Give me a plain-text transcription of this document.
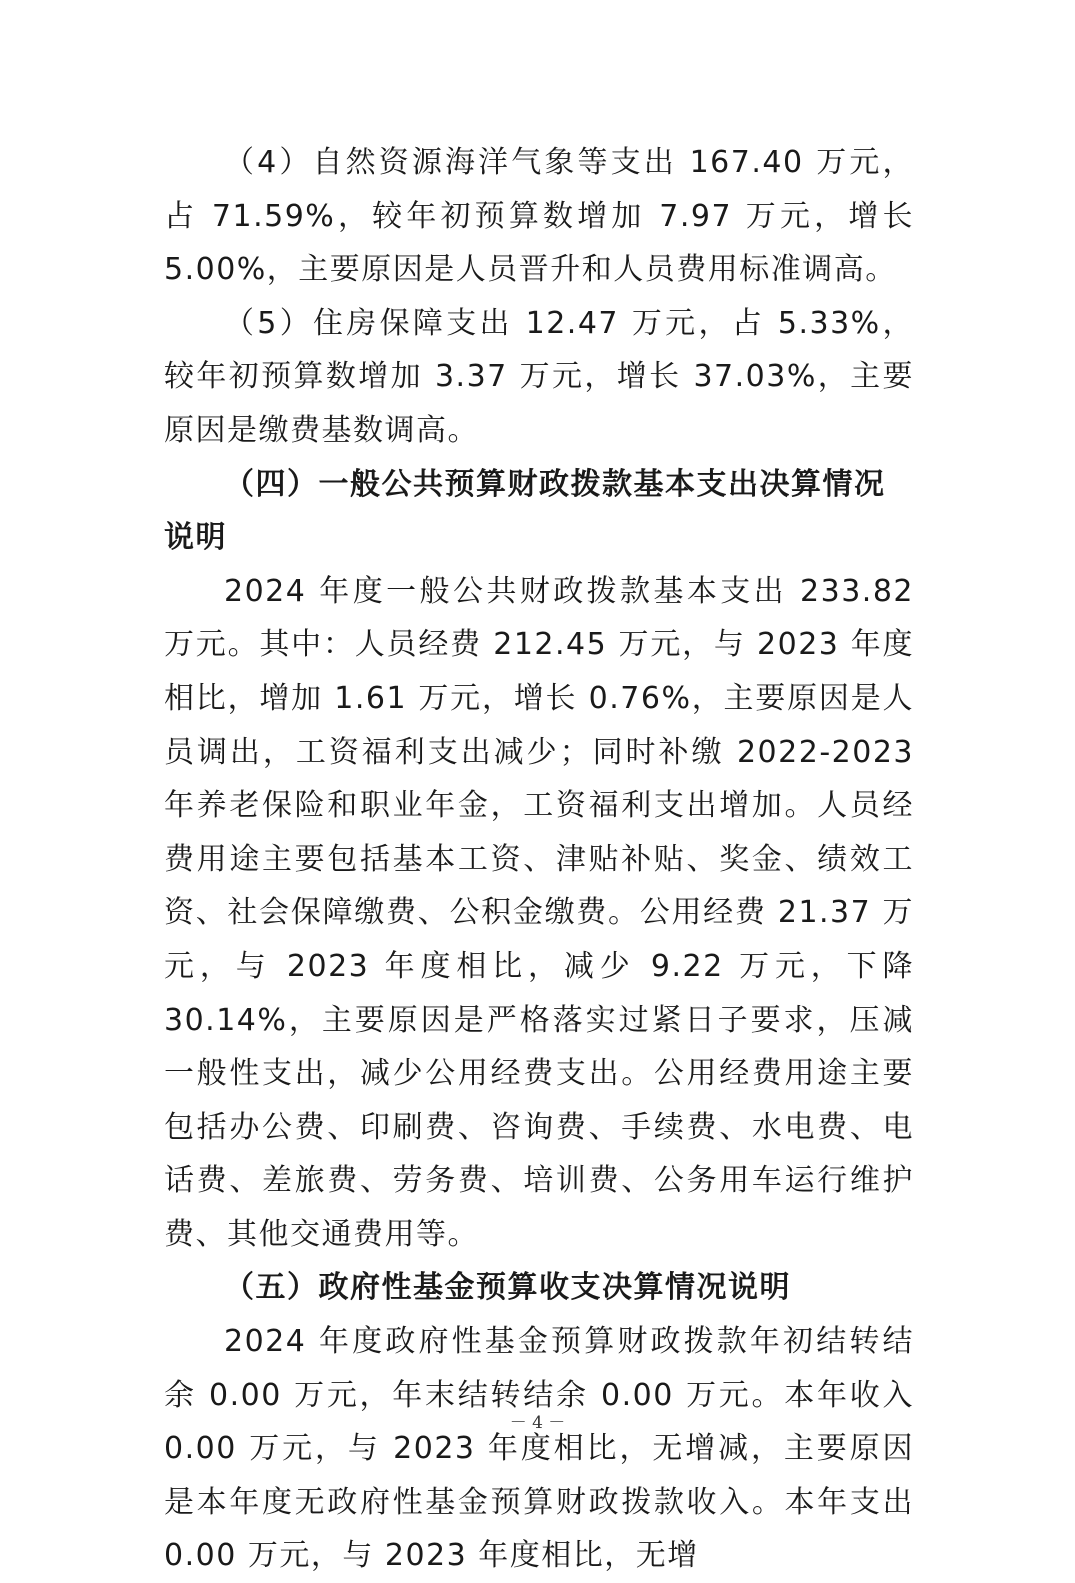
（4）自然资源海洋气象等支出 167.40 万元，占 71.59%，较年初预算数增加 7.97 万元，增长 5.00%，主要原因是人员晋升和人员费用标准调高。

（5）住房保障支出 12.47 万元，占 5.33%，较年初预算数增加 3.37 万元，增长 37.03%，主要原因是缴费基数调高。

（四）一般公共预算财政拨款基本支出决算情况说明

2024 年度一般公共财政拨款基本支出 233.82 万元。其中：人员经费 212.45 万元，与 2023 年度相比，增加 1.61 万元，增长 0.76%，主要原因是人员调出，工资福利支出减少；同时补缴 2022-2023 年养老保险和职业年金，工资福利支出增加。人员经费用途主要包括基本工资、津贴补贴、奖金、绩效工资、社会保障缴费、公积金缴费。公用经费 21.37 万元，与 2023 年度相比，减少 9.22 万元，下降 30.14%，主要原因是严格落实过紧日子要求，压减一般性支出，减少公用经费支出。公用经费用途主要包括办公费、印刷费、咨询费、手续费、水电费、电话费、差旅费、劳务费、培训费、公务用车运行维护费、其他交通费用等。

（五）政府性基金预算收支决算情况说明

2024 年度政府性基金预算财政拨款年初结转结余 0.00 万元，年末结转结余 0.00 万元。本年收入 0.00 万元，与 2023 年度相比，无增减，主要原因是本年度无政府性基金预算财政拨款收入。本年支出 0.00 万元，与 2023 年度相比，无增

－ 4 －
